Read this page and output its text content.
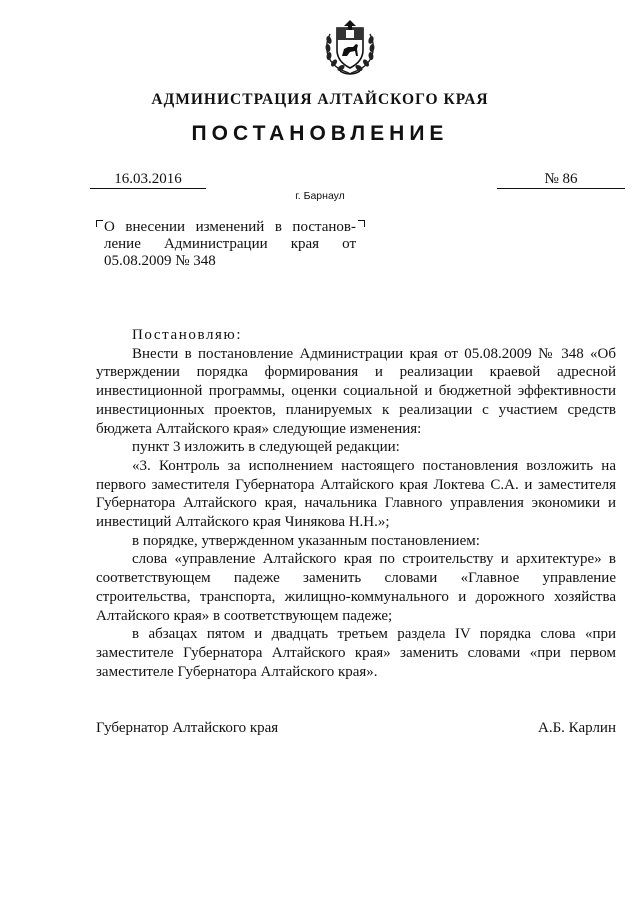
АДМИНИСТРАЦИЯ АЛТАЙСКОГО КРАЯ
ПОСТАНОВЛЕНИЕ
16.03.2016	№ 86
г. Барнаул
О внесении изменений в постанов-
ление Администрации края от
05.08.2009 № 348

Постановляю:

Внести в постановление Администрации края от 05.08.2009 № 348 «Об утверждении порядка формирования и реализации краевой адресной инвестиционной программы, оценки социальной и бюджетной эффективности инвестиционных проектов, планируемых к реализации с участием средств бюджета Алтайского края» следующие изменения:

пункт 3 изложить в следующей редакции:

«3. Контроль за исполнением настоящего постановления возложить на первого заместителя Губернатора Алтайского края Локтева С.А. и заместителя Губернатора Алтайского края, начальника Главного управления экономики и инвестиций Алтайского края Чинякова Н.Н.»;

в порядке, утвержденном указанным постановлением:

слова «управление Алтайского края по строительству и архитектуре» в соответствующем падеже заменить словами «Главное управление строительства, транспорта, жилищно-коммунального и дорожного хозяйства Алтайского края» в соответствующем падеже;

в абзацах пятом и двадцать третьем раздела IV порядка слова «при заместителе Губернатора Алтайского края» заменить словами «при первом заместителе Губернатора Алтайского края».

Губернатор Алтайского края	А.Б. Карлин
